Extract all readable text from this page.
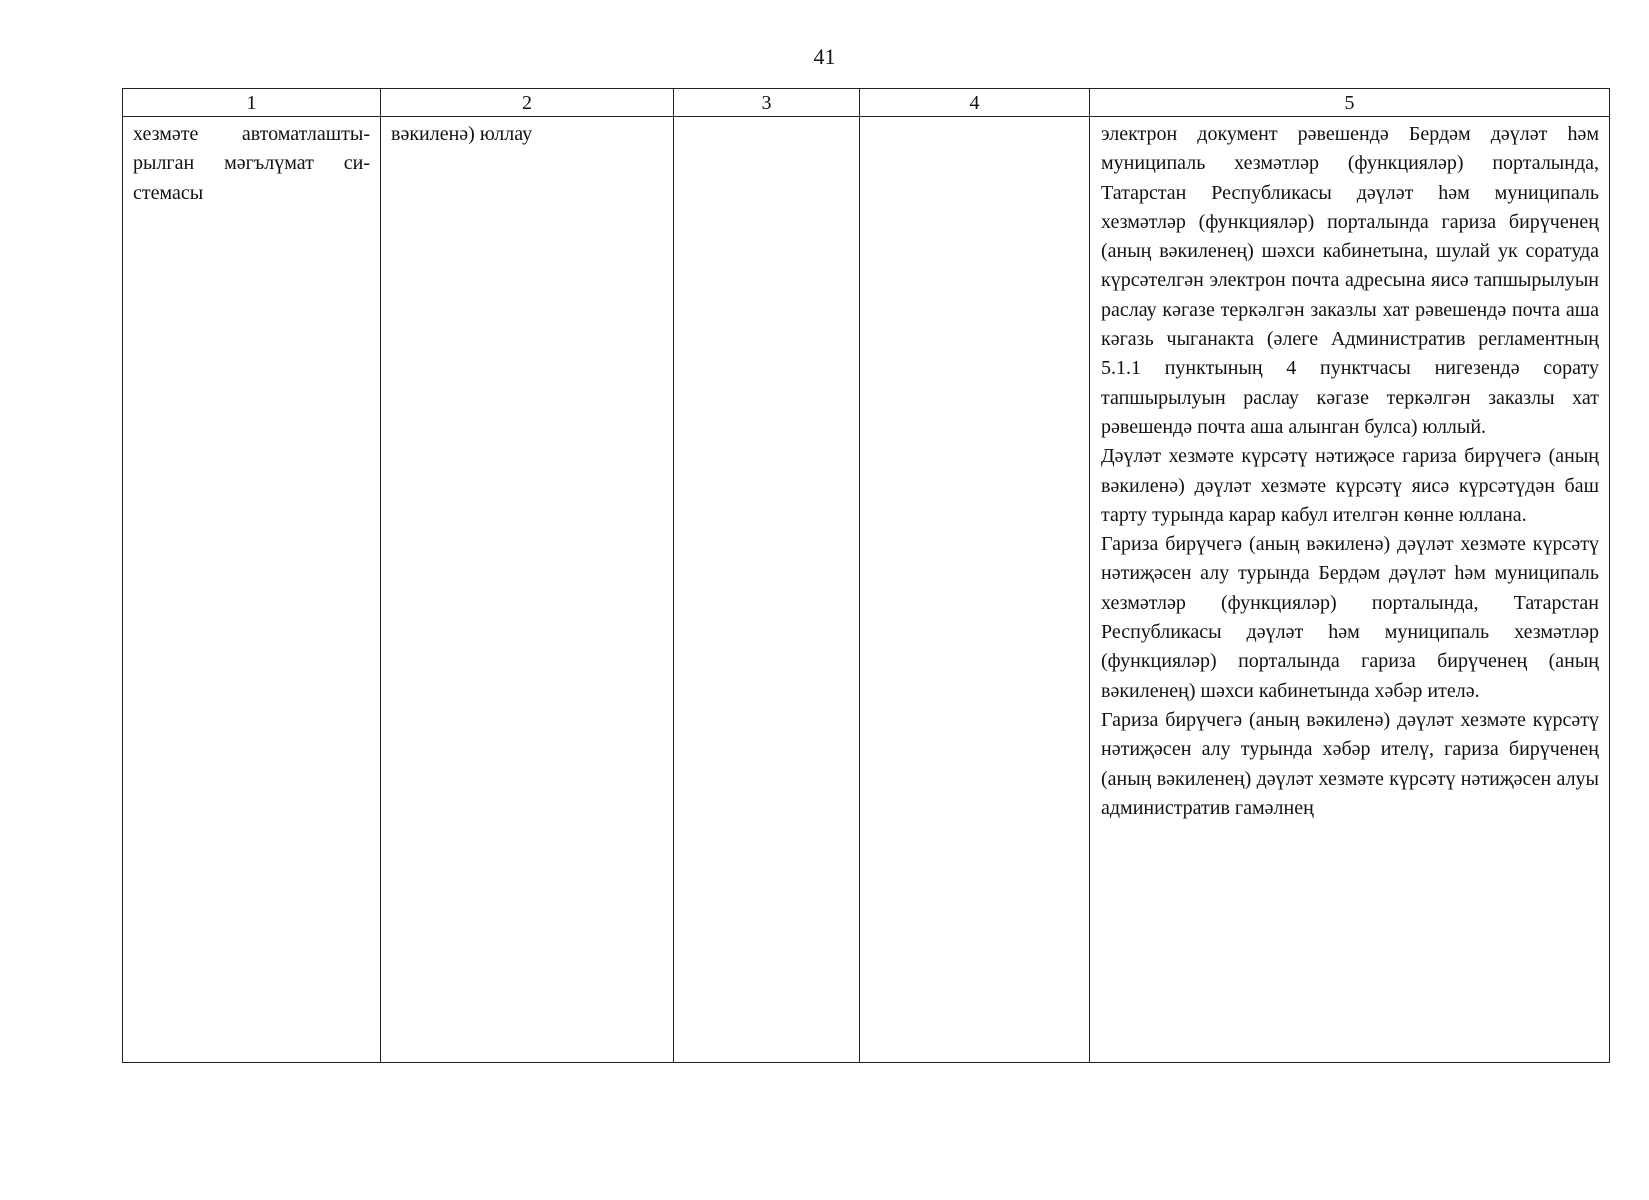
41
1	2	3	4	5

хезмәте автоматлашты-рылган мәгълүмат си-стемасы	вәкиленә) юллау			электрон документ рәвешендә Бердәм дәүләт һәм муниципаль хезмәтләр (функцияләр) порталында, Татарстан Республикасы дәүләт һәм муниципаль хезмәтләр (функцияләр) порталында гариза бирүченең (аның вәкиленең) шәхси кабинетына, шулай ук соратуда күрсәтелгән электрон почта адресына яисә тапшырылуын раслау кәгазе теркәлгән заказлы хат рәвешендә почта аша кәгазь чыганакта (әлеге Административ регламентның 5.1.1 пунктының 4 пунктчасы нигезендә сорату тапшырылуын раслау кәгазе теркәлгән заказлы хат рәвешендә почта аша алынган булса) юллый.

Дәүләт хезмәте күрсәтү нәтиҗәсе гариза бирүчегә (аның вәкиленә) дәүләт хезмәте күрсәтү яисә күрсәтүдән баш тарту турында карар кабул ителгән көнне юллана.

Гариза бирүчегә (аның вәкиленә) дәүләт хезмәте күрсәтү нәтиҗәсен алу турында Бердәм дәүләт һәм муниципаль хезмәтләр (функцияләр) порталында, Татарстан Республикасы дәүләт һәм муниципаль хезмәтләр (функцияләр) порталында гариза бирүченең (аның вәкиленең) шәхси кабинетында хәбәр ителә.

Гариза бирүчегә (аның вәкиленә) дәүләт хезмәте күрсәтү нәтиҗәсен алу турында хәбәр ителү, гариза бирүченең (аның вәкиленең) дәүләт хезмәте күрсәтү нәтиҗәсен алуы административ гамәлнең
